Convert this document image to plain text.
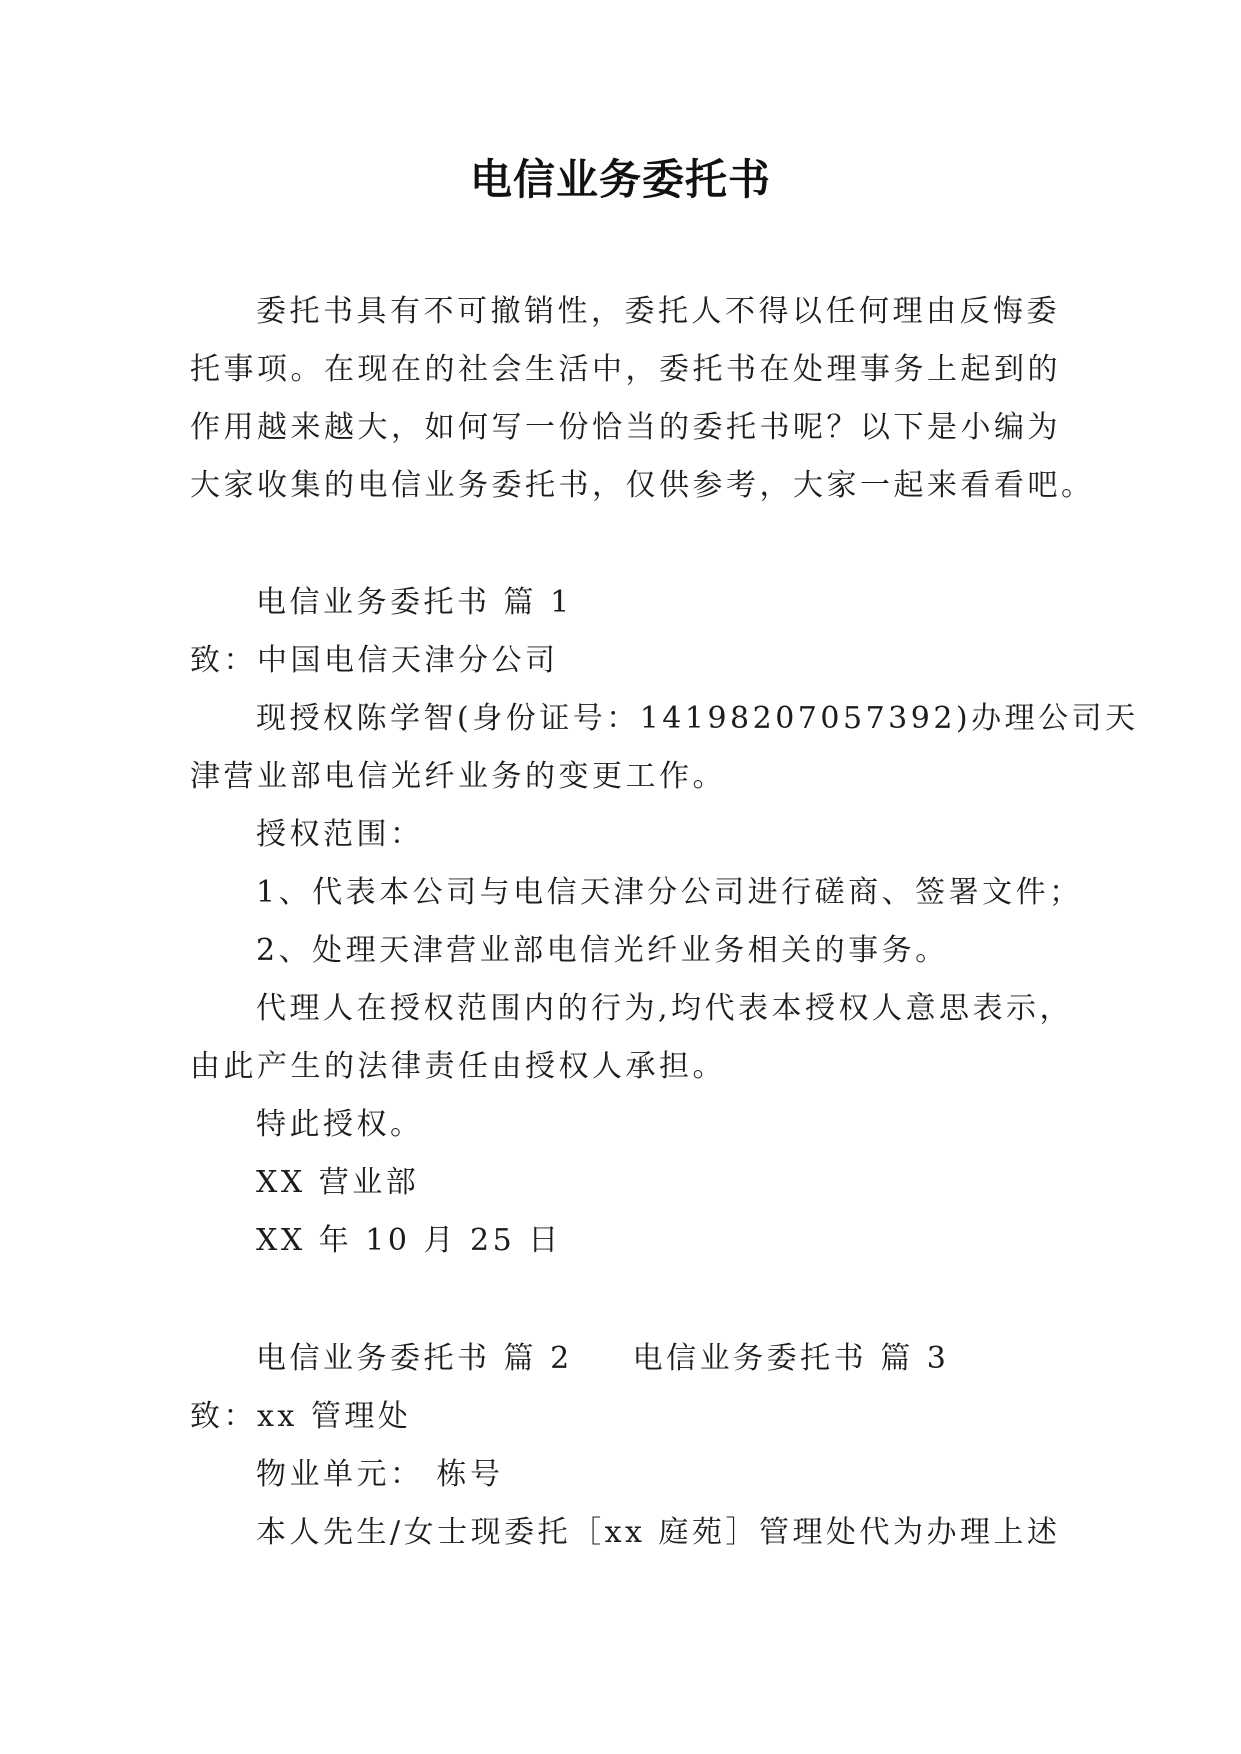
电信业务委托书
委托书具有不可撤销性，委托人不得以任何理由反悔委
托事项。在现在的社会生活中，委托书在处理事务上起到的
作用越来越大，如何写一份恰当的委托书呢？以下是小编为
大家收集的电信业务委托书，仅供参考，大家一起来看看吧。
电信业务委托书 篇 1
致：中国电信天津分公司
现授权陈学智(身份证号：14198207057392)办理公司天
津营业部电信光纤业务的变更工作。
授权范围：
1、代表本公司与电信天津分公司进行磋商、签署文件；
2、处理天津营业部电信光纤业务相关的事务。
代理人在授权范围内的行为,均代表本授权人意思表示，
由此产生的法律责任由授权人承担。
特此授权。
XX 营业部
XX 年 10 月 25 日
电信业务委托书 篇 2 电信业务委托书 篇 3
致：xx 管理处
物业单元： 栋号
本人先生/女士现委托［xx 庭苑］管理处代为办理上述
